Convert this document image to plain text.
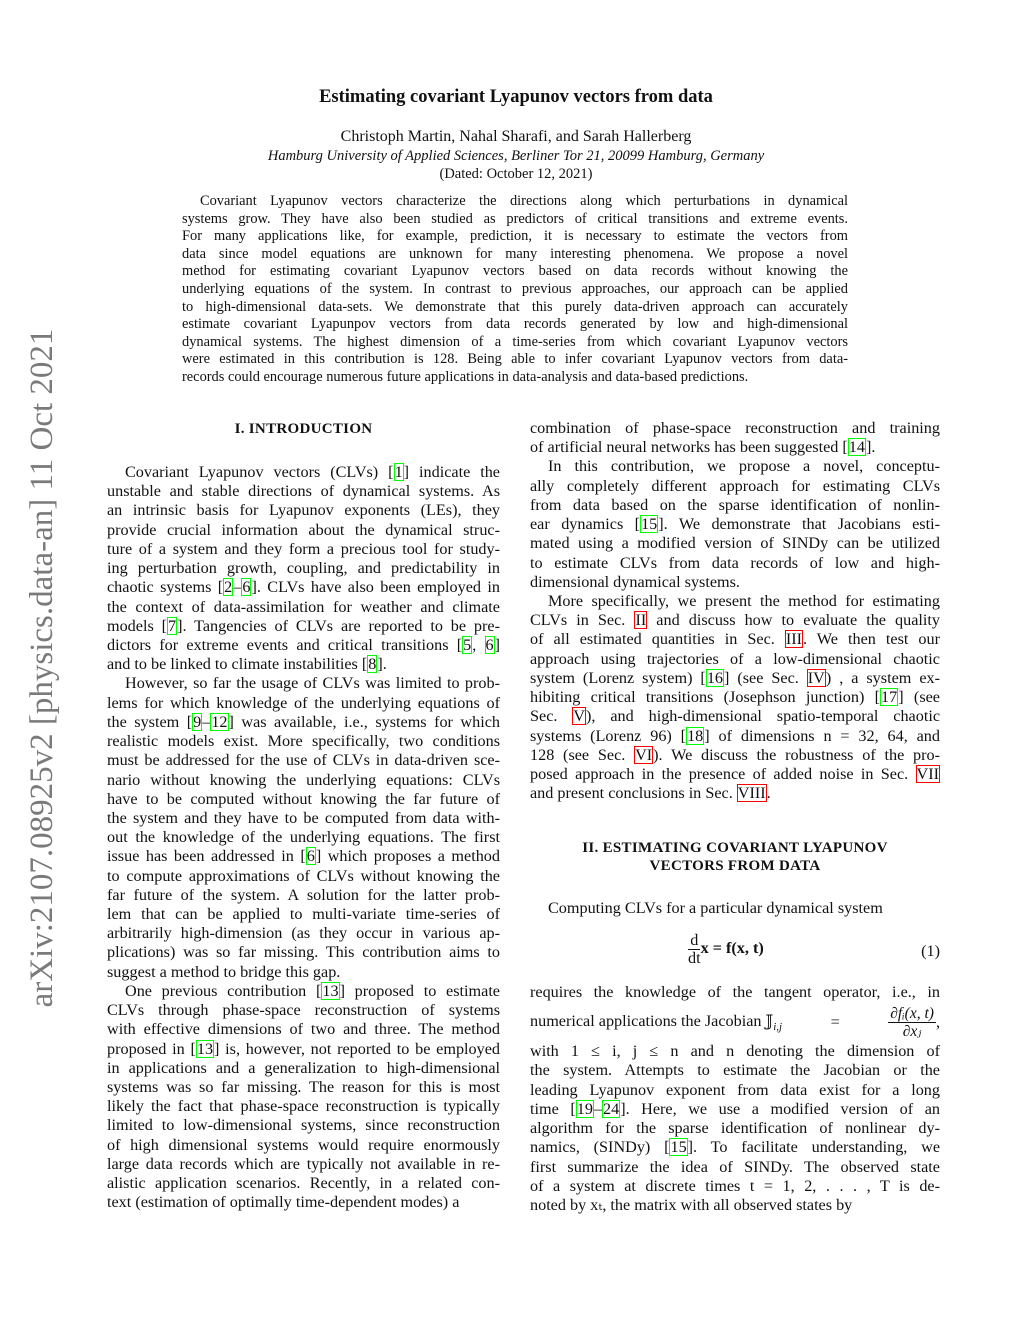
arXiv:2107.08925v2 [physics.data-an] 11 Oct 2021
Estimating covariant Lyapunov vectors from data
Christoph Martin, Nahal Sharafi, and Sarah Hallerberg
Hamburg University of Applied Sciences, Berliner Tor 21, 20099 Hamburg, Germany
(Dated: October 12, 2021)
Covariant Lyapunov vectors characterize the directions along which perturbations in dynamical
systems grow. They have also been studied as predictors of critical transitions and extreme events.
For many applications like, for example, prediction, it is necessary to estimate the vectors from
data since model equations are unknown for many interesting phenomena. We propose a novel
method for estimating covariant Lyapunov vectors based on data records without knowing the
underlying equations of the system. In contrast to previous approaches, our approach can be applied
to high-dimensional data-sets. We demonstrate that this purely data-driven approach can accurately
estimate covariant Lyapunpov vectors from data records generated by low and high-dimensional
dynamical systems. The highest dimension of a time-series from which covariant Lyapunov vectors
were estimated in this contribution is 128. Being able to infer covariant Lyapunov vectors from data-
records could encourage numerous future applications in data-analysis and data-based predictions.
I. INTRODUCTION
Covariant Lyapunov vectors (CLVs) [1] indicate the
unstable and stable directions of dynamical systems. As
an intrinsic basis for Lyapunov exponents (LEs), they
provide crucial information about the dynamical struc-
ture of a system and they form a precious tool for study-
ing perturbation growth, coupling, and predictability in
chaotic systems [2–6]. CLVs have also been employed in
the context of data-assimilation for weather and climate
models [7]. Tangencies of CLVs are reported to be pre-
dictors for extreme events and critical transitions [5, 6]
and to be linked to climate instabilities [8].
However, so far the usage of CLVs was limited to prob-
lems for which knowledge of the underlying equations of
the system [9–12] was available, i.e., systems for which
realistic models exist. More specifically, two conditions
must be addressed for the use of CLVs in data-driven sce-
nario without knowing the underlying equations: CLVs
have to be computed without knowing the far future of
the system and they have to be computed from data with-
out the knowledge of the underlying equations. The first
issue has been addressed in [6] which proposes a method
to compute approximations of CLVs without knowing the
far future of the system. A solution for the latter prob-
lem that can be applied to multi-variate time-series of
arbitrarily high-dimension (as they occur in various ap-
plications) was so far missing. This contribution aims to
suggest a method to bridge this gap.
One previous contribution [13] proposed to estimate
CLVs through phase-space reconstruction of systems
with effective dimensions of two and three. The method
proposed in [13] is, however, not reported to be employed
in applications and a generalization to high-dimensional
systems was so far missing. The reason for this is most
likely the fact that phase-space reconstruction is typically
limited to low-dimensional systems, since reconstruction
of high dimensional systems would require enormously
large data records which are typically not available in re-
alistic application scenarios. Recently, in a related con-
text (estimation of optimally time-dependent modes) a
combination of phase-space reconstruction and training
of artificial neural networks has been suggested [14].
In this contribution, we propose a novel, conceptu-
ally completely different approach for estimating CLVs
from data based on the sparse identification of nonlin-
ear dynamics [15]. We demonstrate that Jacobians esti-
mated using a modified version of SINDy can be utilized
to estimate CLVs from data records of low and high-
dimensional dynamical systems.
More specifically, we present the method for estimating
CLVs in Sec. II and discuss how to evaluate the quality
of all estimated quantities in Sec. III. We then test our
approach using trajectories of a low-dimensional chaotic
system (Lorenz system) [16] (see Sec. IV) , a system ex-
hibiting critical transitions (Josephson junction) [17] (see
Sec. V), and high-dimensional spatio-temporal chaotic
systems (Lorenz 96) [18] of dimensions n = 32, 64, and
128 (see Sec. VI). We discuss the robustness of the pro-
posed approach in the presence of added noise in Sec. VII
and present conclusions in Sec. VIII.
II. ESTIMATING COVARIANT LYAPUNOV
VECTORS FROM DATA
Computing CLVs for a particular dynamical system
$\frac{d}{dt}$ x = f(x, t)	(1)
requires the knowledge of the tangent operator, i.e., in
numerical applications the Jacobian 𝕁$_{i,j}$	=	$\frac{\text{∂fᵢ(x, t)}}{\text{∂xⱼ}}$ ,
with 1 ≤ i, j ≤ n and n denoting the dimension of
the system. Attempts to estimate the Jacobian or the
leading Lyapunov exponent from data exist for a long
time [19–24]. Here, we use a modified version of an
algorithm for the sparse identification of nonlinear dy-
namics, (SINDy) [15]. To facilitate understanding, we
first summarize the idea of SINDy. The observed state
of a system at discrete times t = 1, 2, . . . , T is de-
noted by xₜ, the matrix with all observed states by
